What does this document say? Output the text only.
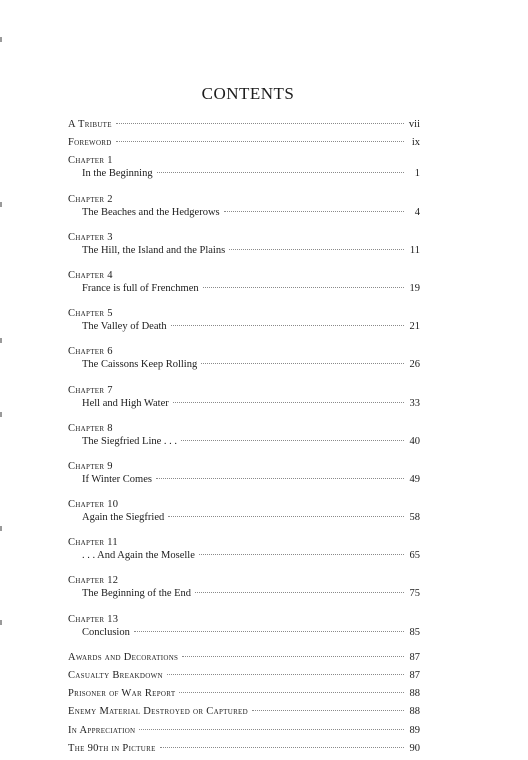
CONTENTS
A Tribute	vii
Foreword	ix
Chapter 1
In the Beginning	1
Chapter 2
The Beaches and the Hedgerows	4
Chapter 3
The Hill, the Island and the Plains	11
Chapter 4
France is full of Frenchmen	19
Chapter 5
The Valley of Death	21
Chapter 6
The Caissons Keep Rolling	26
Chapter 7
Hell and High Water	33
Chapter 8
The Siegfried Line . . .	40
Chapter 9
If Winter Comes	49
Chapter 10
Again the Siegfried	58
Chapter 11
. . . And Again the Moselle	65
Chapter 12
The Beginning of the End	75
Chapter 13
Conclusion	85
Awards and Decorations	87
Casualty Breakdown	87
Prisoner of War Report	88
Enemy Material Destroyed or Captured	88
In Appreciation	89
The 90th in Picture	90
